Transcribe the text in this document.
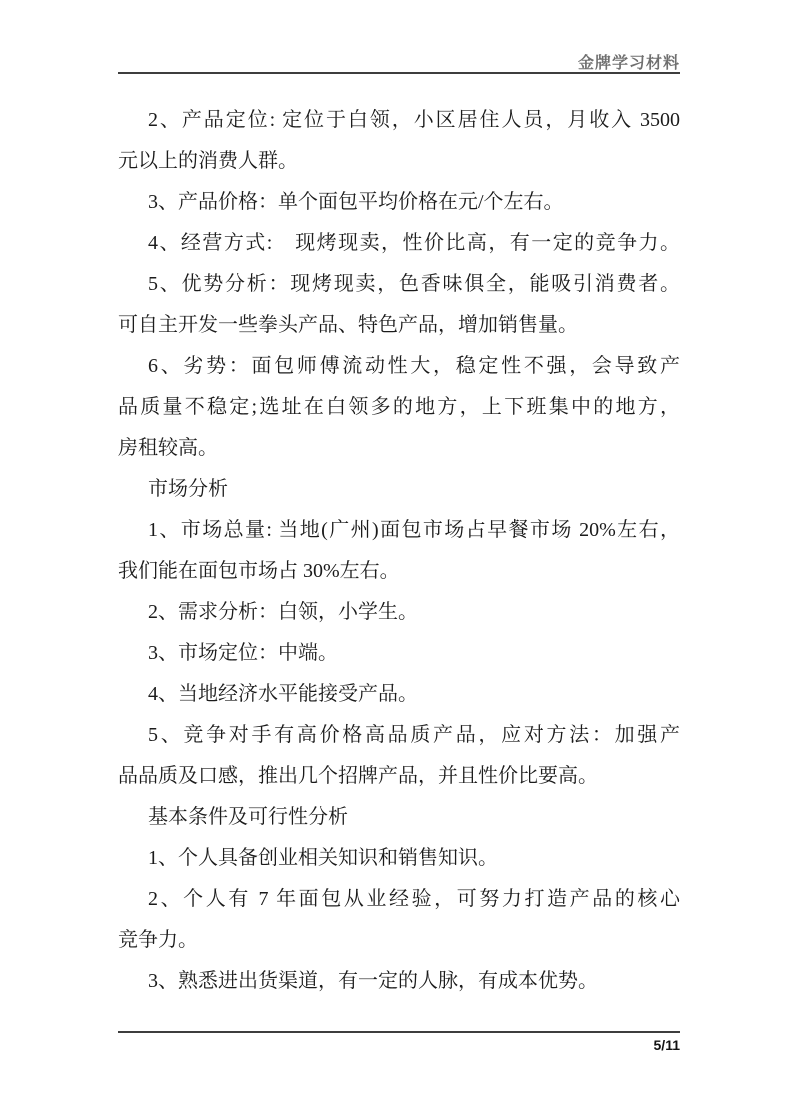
金牌学习材料
2、产品定位: 定位于白领，小区居住人员，月收入 3500
元以上的消费人群。
3、产品价格：单个面包平均价格在元/个左右。
4、经营方式:　现烤现卖，性价比高，有一定的竞争力。
5、优势分析：现烤现卖，色香味俱全，能吸引消费者。
可自主开发一些拳头产品、特色产品，增加销售量。
6、劣势：面包师傅流动性大，稳定性不强，会导致产
品质量不稳定;选址在白领多的地方，上下班集中的地方，
房租较高。
市场分析
1、市场总量: 当地(广州)面包市场占早餐市场 20%左右，
我们能在面包市场占 30%左右。
2、需求分析：白领，小学生。
3、市场定位：中端。
4、当地经济水平能接受产品。
5、竞争对手有高价格高品质产品，应对方法：加强产
品品质及口感，推出几个招牌产品，并且性价比要高。
基本条件及可行性分析
1、个人具备创业相关知识和销售知识。
2、个人有 7 年面包从业经验，可努力打造产品的核心
竞争力。
3、熟悉进出货渠道，有一定的人脉，有成本优势。
5/11
